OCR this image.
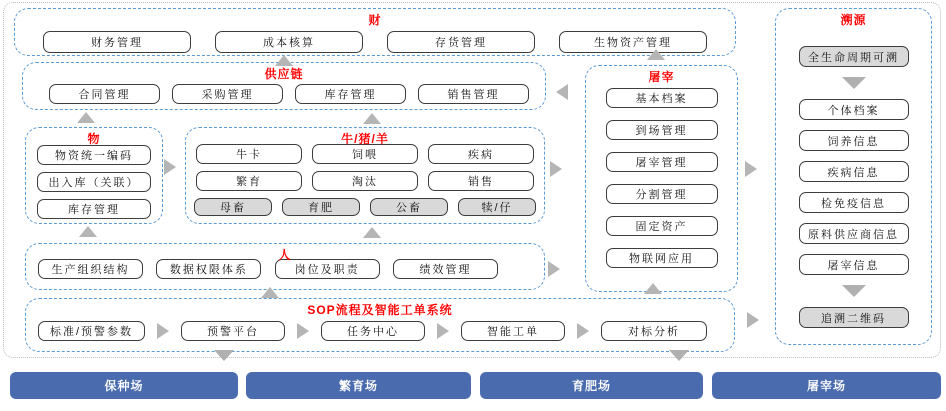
财
财务管理	成本核算	存货管理	生物资产管理
供应链
合同管理	采购管理	库存管理	销售管理
物
物资统一编码
出入库（关联）
库存管理
牛/猪/羊
牛卡	饲喂	疾病
繁育	淘汰	销售
母畜	育肥	公畜	犊/仔
人
生产组织结构	数据权限体系	岗位及职责	绩效管理
SOP流程及智能工单系统
标准/预警参数	预警平台	任务中心	智能工单	对标分析
屠宰
基本档案
到场管理
屠宰管理
分割管理
固定资产
物联网应用
溯源
全生命周期可溯
个体档案
饲养信息
疾病信息
检免疫信息
原料供应商信息
屠宰信息
追溯二维码
保种场	繁育场	育肥场	屠宰场
